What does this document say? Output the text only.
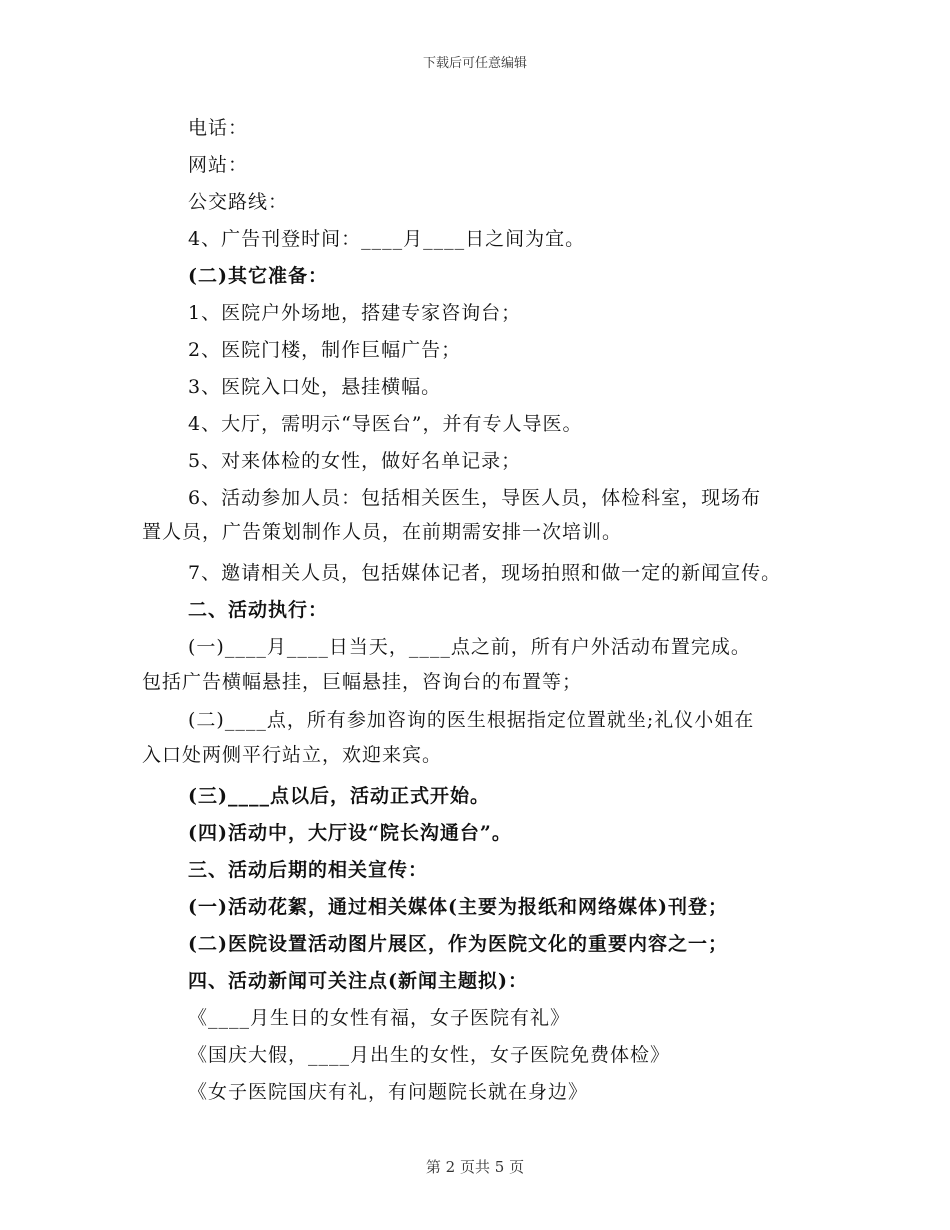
下载后可任意编辑
电话：
网站：
公交路线：
4、广告刊登时间：____月____日之间为宜。
(二)其它准备：
1、医院户外场地，搭建专家咨询台；
2、医院门楼，制作巨幅广告；
3、医院入口处，悬挂横幅。
4、大厅，需明示“导医台”，并有专人导医。
5、对来体检的女性，做好名单记录；
6、活动参加人员：包括相关医生，导医人员，体检科室，现场布
置人员，广告策划制作人员，在前期需安排一次培训。
7、邀请相关人员，包括媒体记者，现场拍照和做一定的新闻宣传。
二、活动执行：
(一)____月____日当天，____点之前，所有户外活动布置完成。
包括广告横幅悬挂，巨幅悬挂，咨询台的布置等；
(二)____点，所有参加咨询的医生根据指定位置就坐;礼仪小姐在
入口处两侧平行站立，欢迎来宾。
(三)____点以后，活动正式开始。
(四)活动中，大厅设“院长沟通台”。
三、活动后期的相关宣传：
(一)活动花絮，通过相关媒体(主要为报纸和网络媒体)刊登；
(二)医院设置活动图片展区，作为医院文化的重要内容之一；
四、活动新闻可关注点(新闻主题拟)：
《____月生日的女性有福，女子医院有礼》
《国庆大假，____月出生的女性，女子医院免费体检》
《女子医院国庆有礼，有问题院长就在身边》
第 2 页共 5 页
